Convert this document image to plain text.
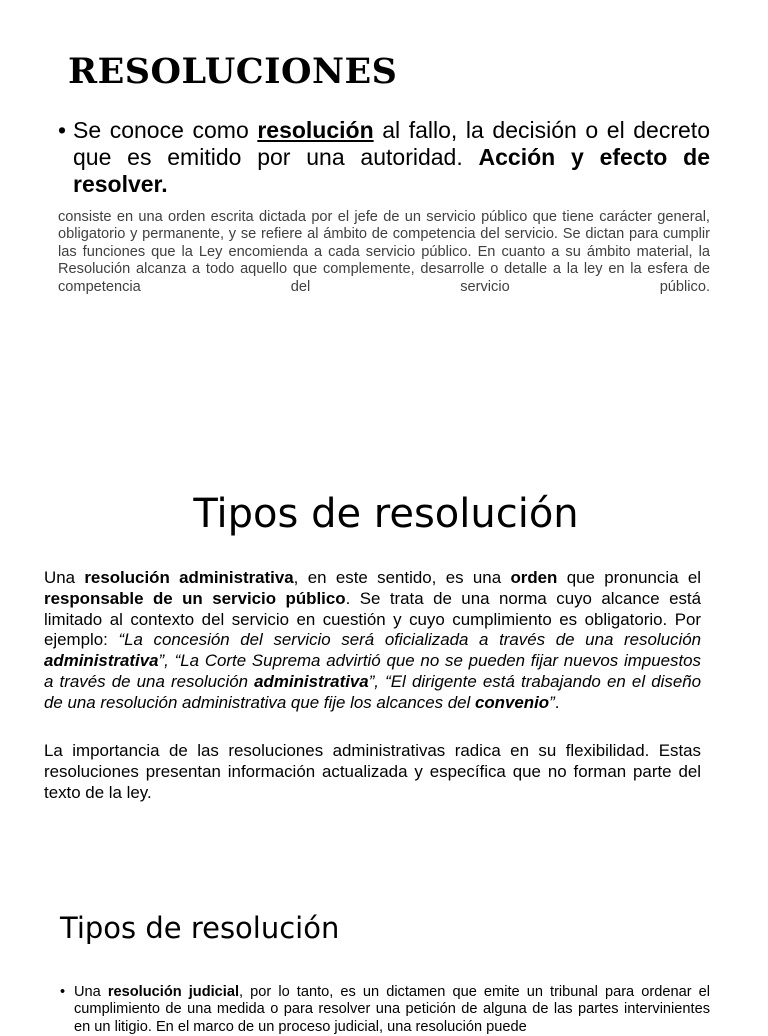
RESOLUCIONES
• Se conoce como resolución al fallo, la decisión o el decreto que es emitido por una autoridad. Acción y efecto de resolver.

consiste en una orden escrita dictada por el jefe de un servicio público que tiene carácter general, obligatorio y permanente, y se refiere al ámbito de competencia del servicio. Se dictan para cumplir las funciones que la Ley encomienda a cada servicio público. En cuanto a su ámbito material, la Resolución alcanza a todo aquello que complemente, desarrolle o detalle a la ley en la esfera de competencia del servicio público.

Tipos de resolución

Una resolución administrativa, en este sentido, es una orden que pronuncia el responsable de un servicio público. Se trata de una norma cuyo alcance está limitado al contexto del servicio en cuestión y cuyo cumplimiento es obligatorio. Por ejemplo: “La concesión del servicio será oficializada a través de una resolución administrativa”, “La Corte Suprema advirtió que no se pueden fijar nuevos impuestos a través de una resolución administrativa”, “El dirigente está trabajando en el diseño de una resolución administrativa que fije los alcances del convenio”.

La importancia de las resoluciones administrativas radica en su flexibilidad. Estas resoluciones presentan información actualizada y específica que no forman parte del texto de la ley.

Tipos de resolución
• Una resolución judicial, por lo tanto, es un dictamen que emite un tribunal para ordenar el cumplimiento de una medida o para resolver una petición de alguna de las partes intervinientes en un litigio. En el marco de un proceso judicial, una resolución puede
